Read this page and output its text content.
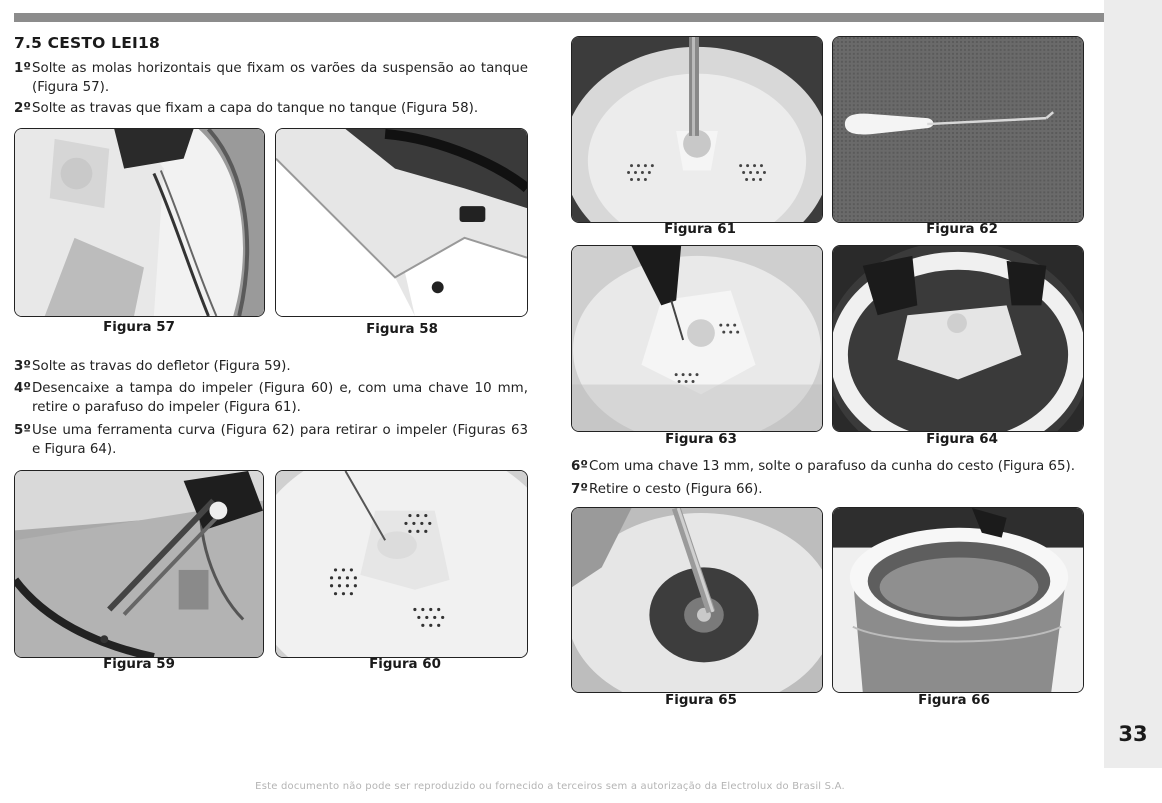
33
7.5 CESTO LEI18
1º Solte as molas horizontais que fixam os varões da suspensão ao tanque (Figura 57).
2º Solte as travas que fixam a capa do tanque no tanque (Figura 58).
3º Solte as travas do defletor (Figura 59).
4º Desencaixe a tampa do impeler (Figura 60) e, com uma chave 10 mm, retire o parafuso do impeler (Figura 61).
5º Use uma ferramenta curva (Figura 62) para retirar o impeler (Figuras 63 e Figura 64).
6º Com uma chave 13 mm, solte o parafuso da cunha do cesto (Figura 65).
7º Retire o cesto (Figura 66).
Figura 57	Figura 58
Figura 59	Figura 60
Figura 61	Figura 62
Figura 63	Figura 64
Figura 65	Figura 66
Este documento não pode ser reproduzido ou fornecido a terceiros sem a autorização da Electrolux do Brasil S.A.
